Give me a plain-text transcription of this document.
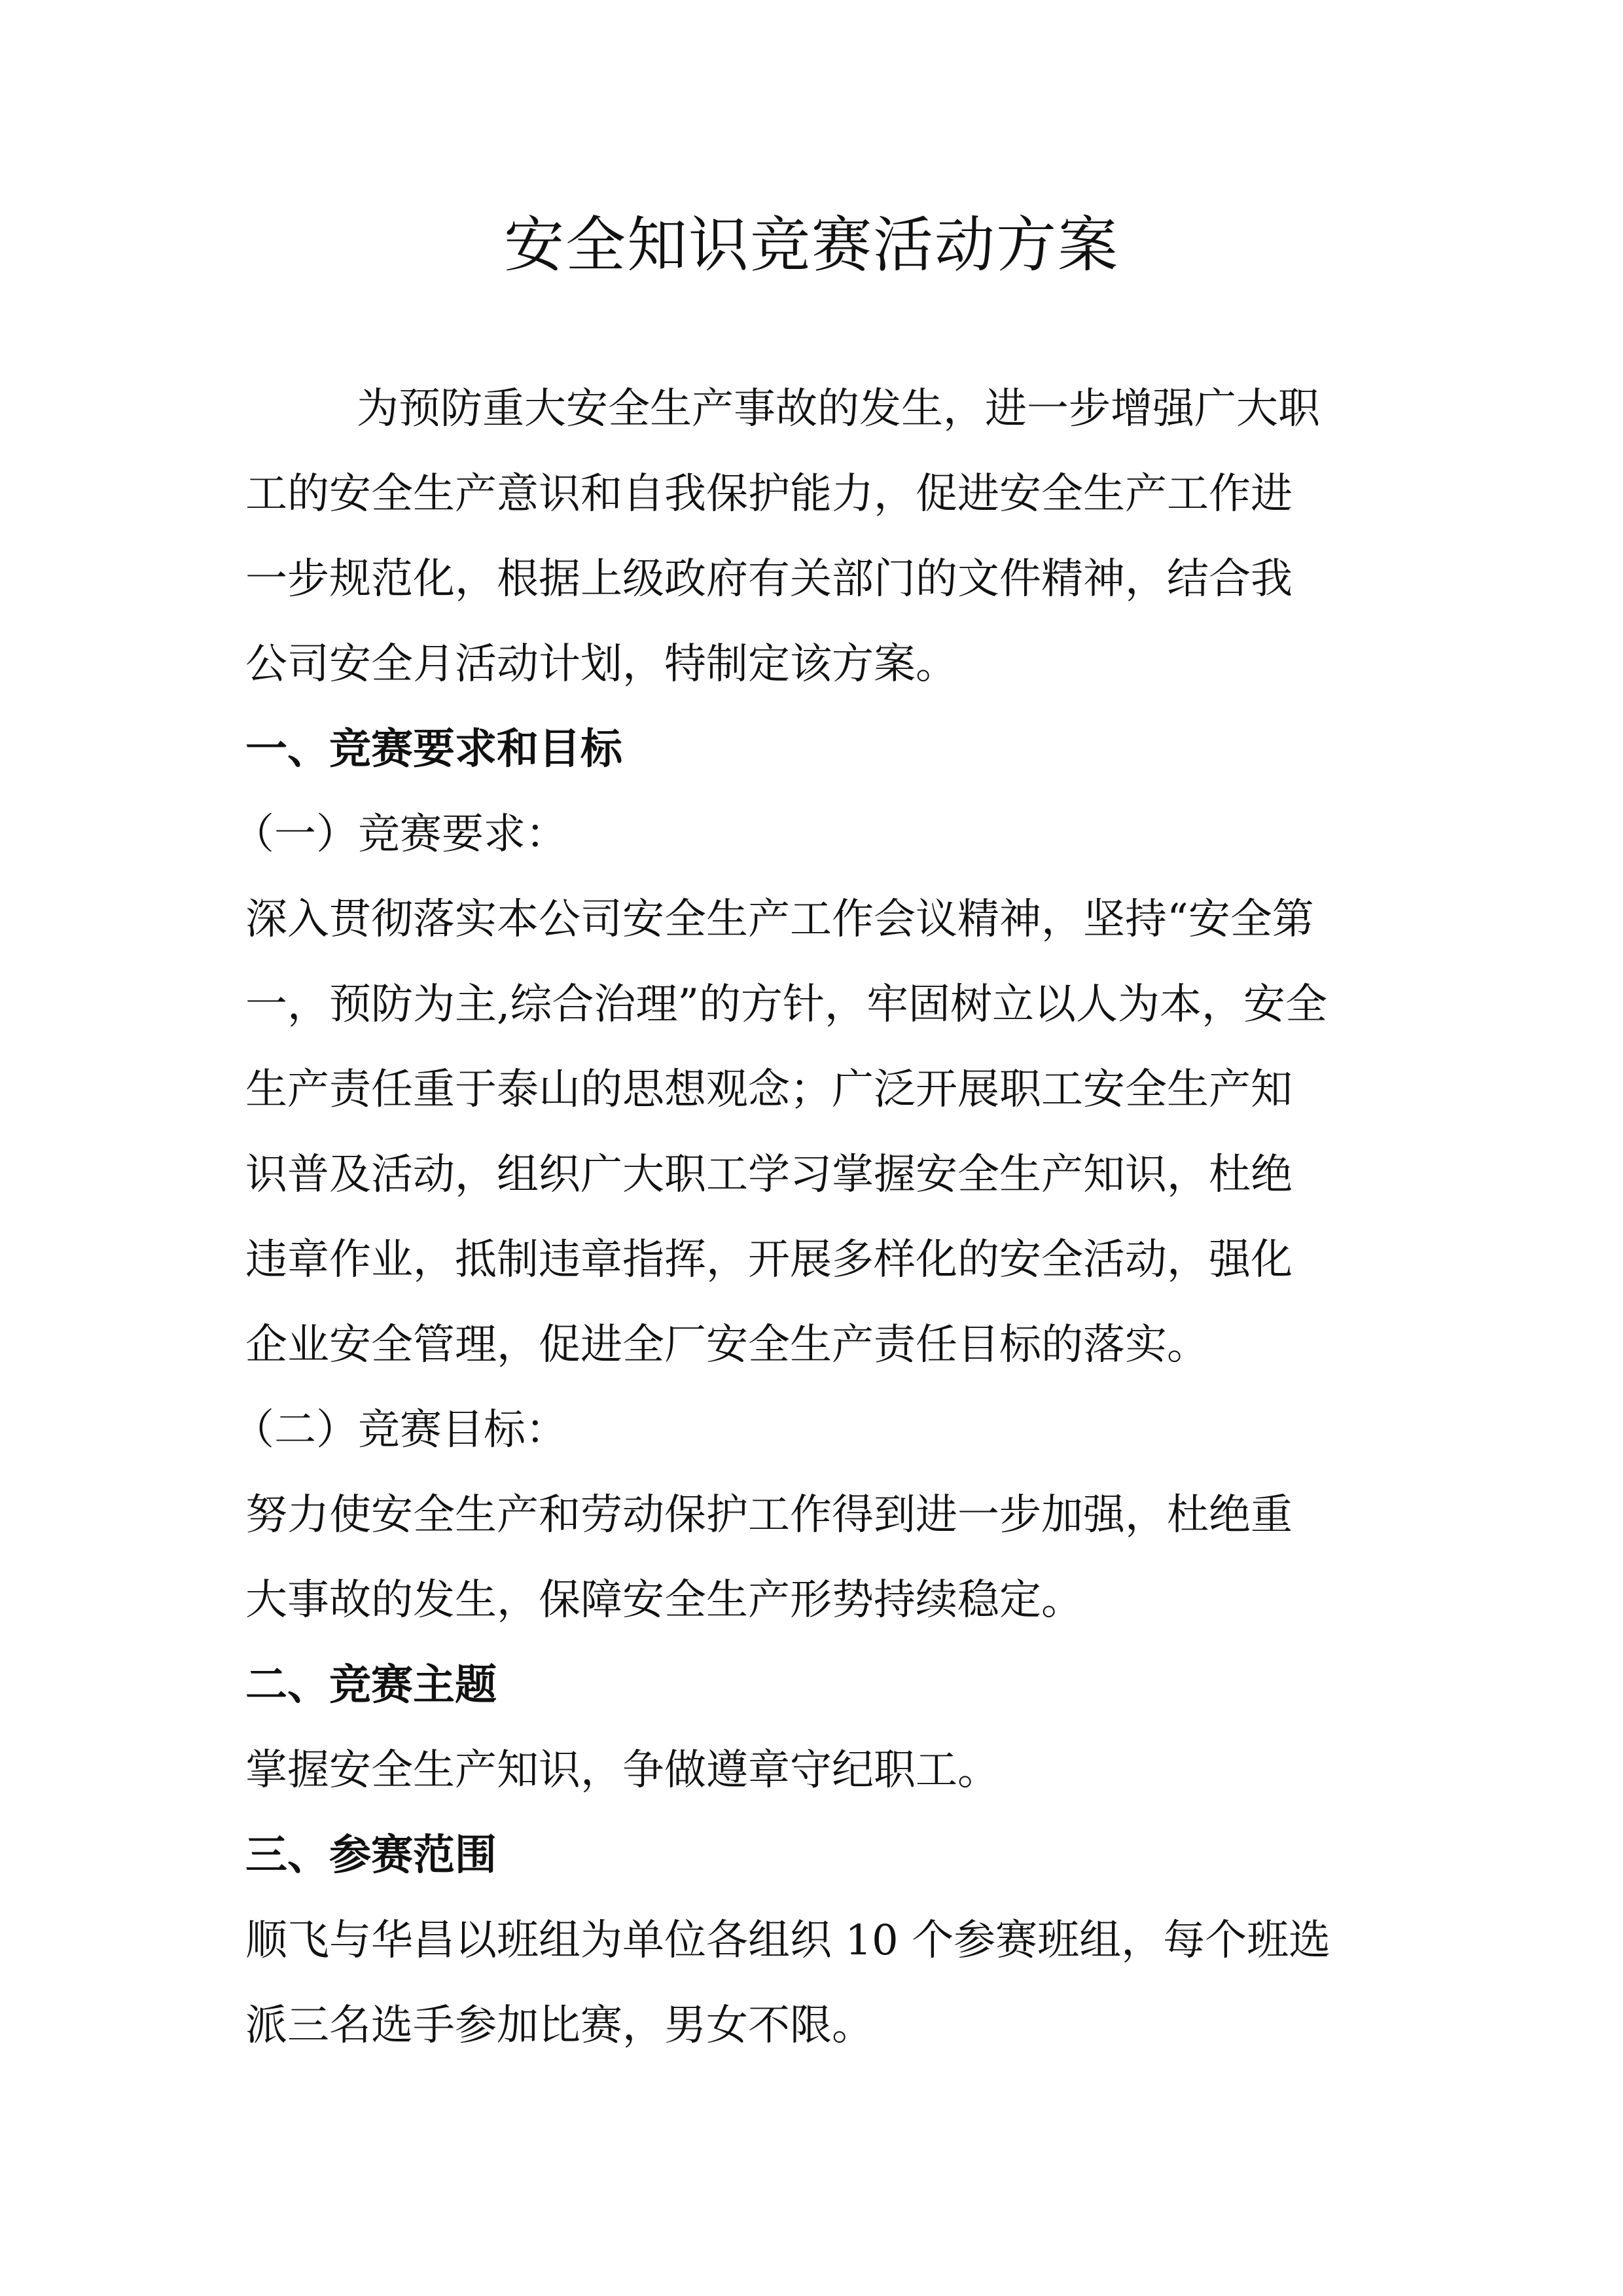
安全知识竞赛活动方案
为预防重大安全生产事故的发生，进一步增强广大职
工的安全生产意识和自我保护能力，促进安全生产工作进
一步规范化，根据上级政府有关部门的文件精神，结合我
公司安全月活动计划，特制定该方案。
一、竞赛要求和目标
（一）竞赛要求：
深入贯彻落实本公司安全生产工作会议精神，坚持“安全第
一，预防为主,综合治理”的方针，牢固树立以人为本，安全
生产责任重于泰山的思想观念；广泛开展职工安全生产知
识普及活动，组织广大职工学习掌握安全生产知识，杜绝
违章作业，抵制违章指挥，开展多样化的安全活动，强化
企业安全管理，促进全厂安全生产责任目标的落实。
（二）竞赛目标：
努力使安全生产和劳动保护工作得到进一步加强，杜绝重
大事故的发生，保障安全生产形势持续稳定。
二、竞赛主题
掌握安全生产知识，争做遵章守纪职工。
三、参赛范围
顺飞与华昌以班组为单位各组织 10 个参赛班组，每个班选
派三名选手参加比赛，男女不限。
